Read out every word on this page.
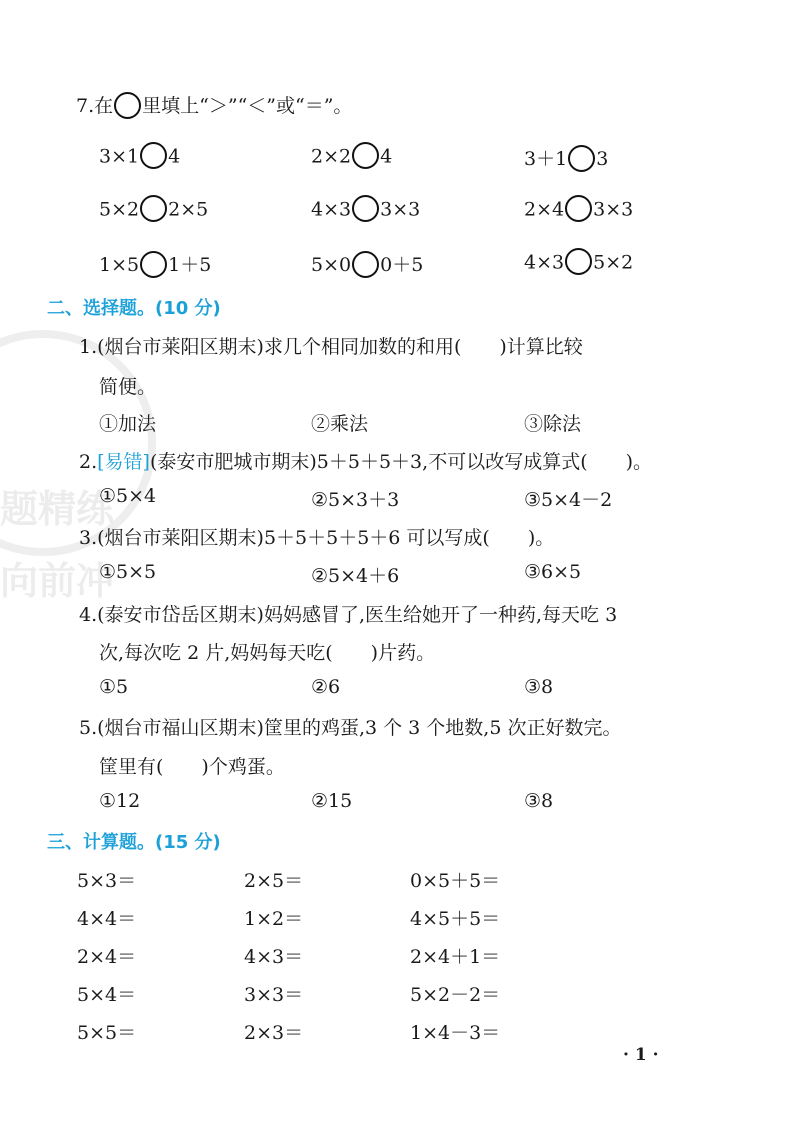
题精练
向前冲
7.在 里填上“＞”“＜”或“＝”。
3×1 4	2×2 4	3＋1 3
5×2 2×5	4×3 3×3	2×4 3×3
1×5 1＋5	5×0 0＋5	4×3 5×2
二、选择题。(10 分)
1.(烟台市莱阳区期末)求几个相同加数的和用(　　)计算比较
简便。
①加法	②乘法	③除法
2.[易错](泰安市肥城市期末)5＋5＋5＋3,不可以改写成算式(　　)。
①5×4	②5×3＋3	③5×4－2
3.(烟台市莱阳区期末)5＋5＋5＋5＋6 可以写成(　　)。
①5×5	②5×4＋6	③6×5
4.(泰安市岱岳区期末)妈妈感冒了,医生给她开了一种药,每天吃 3
次,每次吃 2 片,妈妈每天吃(　　)片药。
①5	②6	③8
5.(烟台市福山区期末)筐里的鸡蛋,3 个 3 个地数,5 次正好数完。
筐里有(　　)个鸡蛋。
①12	②15	③8
三、计算题。(15 分)
5×3＝	2×5＝	0×5＋5＝
4×4＝	1×2＝	4×5＋5＝
2×4＝	4×3＝	2×4＋1＝
5×4＝	3×3＝	5×2－2＝
5×5＝	2×3＝	1×4－3＝
· 1 ·
